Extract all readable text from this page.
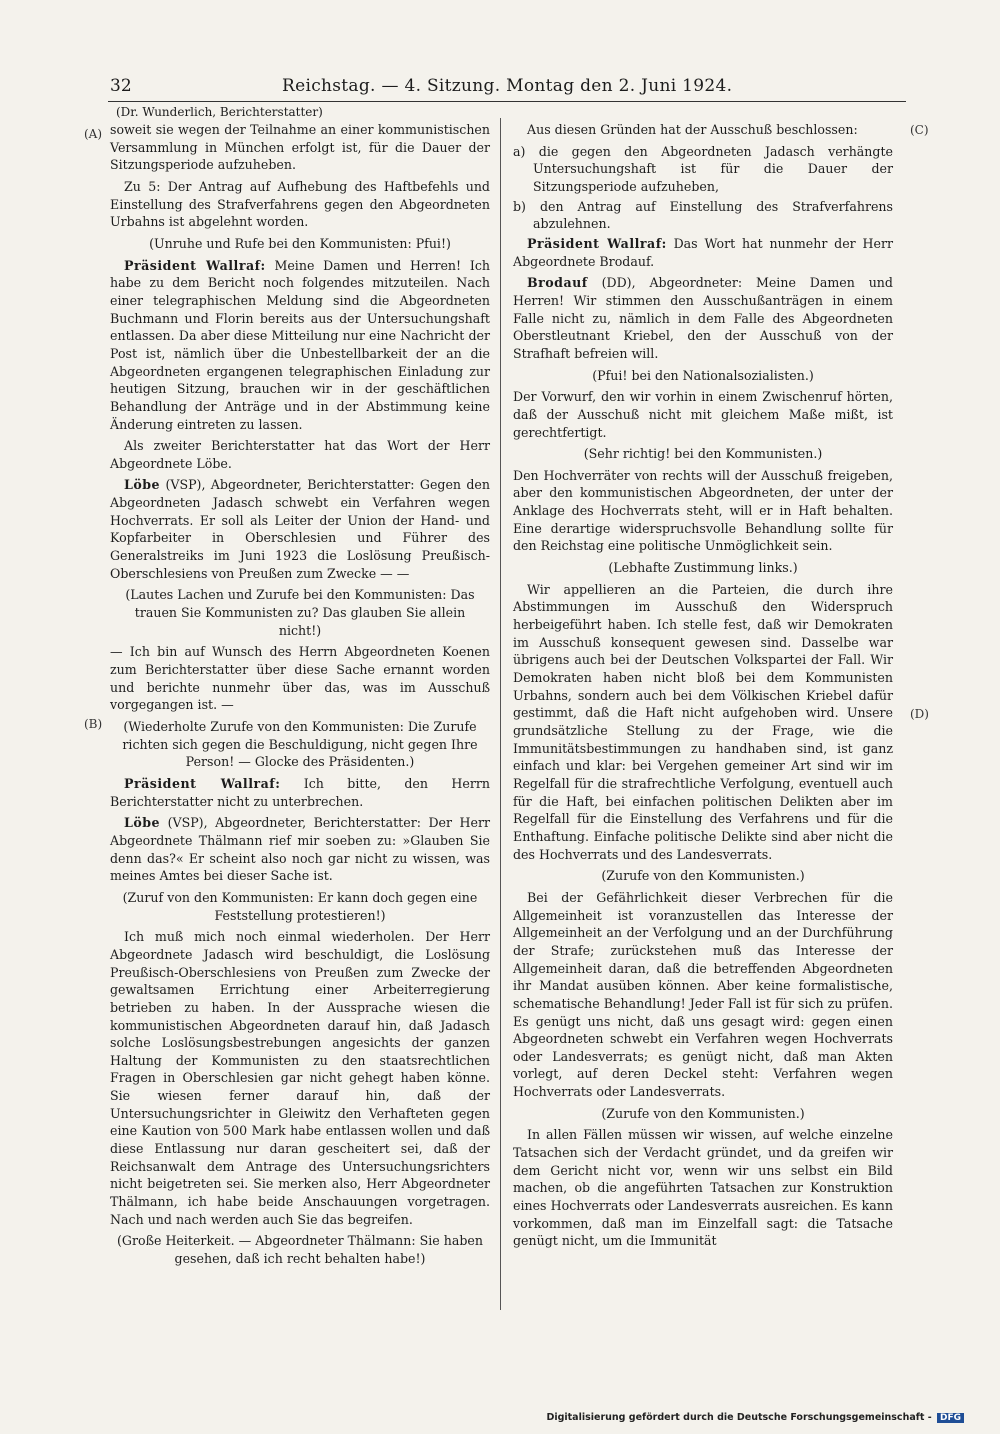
32	Reichstag. — 4. Sitzung. Montag den 2. Juni 1924.
(Dr. Wunderlich, Berichterstatter)
(A)
(B)
(C)
(D)
soweit sie wegen der Teilnahme an einer kommunistischen Versammlung in München erfolgt ist, für die Dauer der Sitzungsperiode aufzuheben.
Zu 5: Der Antrag auf Aufhebung des Haftbefehls und Einstellung des Strafverfahrens gegen den Abgeordneten Urbahns ist abgelehnt worden.
(Unruhe und Rufe bei den Kommunisten: Pfui!)
Präsident Wallraf: Meine Damen und Herren! Ich habe zu dem Bericht noch folgendes mitzuteilen. Nach einer telegraphischen Meldung sind die Abgeordneten Buchmann und Florin bereits aus der Untersuchungshaft entlassen. Da aber diese Mitteilung nur eine Nachricht der Post ist, nämlich über die Unbestellbarkeit der an die Abgeordneten ergangenen telegraphischen Einladung zur heutigen Sitzung, brauchen wir in der geschäftlichen Behandlung der Anträge und in der Abstimmung keine Änderung eintreten zu lassen.
Als zweiter Berichterstatter hat das Wort der Herr Abgeordnete Löbe.
Löbe (VSP), Abgeordneter, Berichterstatter: Gegen den Abgeordneten Jadasch schwebt ein Verfahren wegen Hochverrats. Er soll als Leiter der Union der Hand- und Kopfarbeiter in Oberschlesien und Führer des Generalstreiks im Juni 1923 die Loslösung Preußisch-Oberschlesiens von Preußen zum Zwecke — —
(Lautes Lachen und Zurufe bei den Kommunisten: Das trauen Sie Kommunisten zu? Das glauben Sie allein nicht!)
— Ich bin auf Wunsch des Herrn Abgeordneten Koenen zum Berichterstatter über diese Sache ernannt worden und berichte nunmehr über das, was im Ausschuß vorgegangen ist. —
(Wiederholte Zurufe von den Kommunisten: Die Zurufe richten sich gegen die Beschuldigung, nicht gegen Ihre Person! — Glocke des Präsidenten.)
Präsident Wallraf: Ich bitte, den Herrn Berichterstatter nicht zu unterbrechen.
Löbe (VSP), Abgeordneter, Berichterstatter: Der Herr Abgeordnete Thälmann rief mir soeben zu: »Glauben Sie denn das?« Er scheint also noch gar nicht zu wissen, was meines Amtes bei dieser Sache ist.
(Zuruf von den Kommunisten: Er kann doch gegen eine Feststellung protestieren!)
Ich muß mich noch einmal wiederholen. Der Herr Abgeordnete Jadasch wird beschuldigt, die Loslösung Preußisch-Oberschlesiens von Preußen zum Zwecke der gewaltsamen Errichtung einer Arbeiterregierung betrieben zu haben. In der Aussprache wiesen die kommunistischen Abgeordneten darauf hin, daß Jadasch solche Loslösungsbestrebungen angesichts der ganzen Haltung der Kommunisten zu den staatsrechtlichen Fragen in Oberschlesien gar nicht gehegt haben könne. Sie wiesen ferner darauf hin, daß der Untersuchungsrichter in Gleiwitz den Verhafteten gegen eine Kaution von 500 Mark habe entlassen wollen und daß diese Entlassung nur daran gescheitert sei, daß der Reichsanwalt dem Antrage des Untersuchungsrichters nicht beigetreten sei. Sie merken also, Herr Abgeordneter Thälmann, ich habe beide Anschauungen vorgetragen. Nach und nach werden auch Sie das begreifen.
(Große Heiterkeit. — Abgeordneter Thälmann: Sie haben gesehen, daß ich recht behalten habe!)
Aus diesen Gründen hat der Ausschuß beschlossen:
a) die gegen den Abgeordneten Jadasch verhängte Untersuchungshaft ist für die Dauer der Sitzungsperiode aufzuheben,
b) den Antrag auf Einstellung des Strafverfahrens abzulehnen.
Präsident Wallraf: Das Wort hat nunmehr der Herr Abgeordnete Brodauf.
Brodauf (DD), Abgeordneter: Meine Damen und Herren! Wir stimmen den Ausschußanträgen in einem Falle nicht zu, nämlich in dem Falle des Abgeordneten Oberstleutnant Kriebel, den der Ausschuß von der Strafhaft befreien will.
(Pfui! bei den Nationalsozialisten.)
Der Vorwurf, den wir vorhin in einem Zwischenruf hörten, daß der Ausschuß nicht mit gleichem Maße mißt, ist gerechtfertigt.
(Sehr richtig! bei den Kommunisten.)
Den Hochverräter von rechts will der Ausschuß freigeben, aber den kommunistischen Abgeordneten, der unter der Anklage des Hochverrats steht, will er in Haft behalten. Eine derartige widerspruchsvolle Behandlung sollte für den Reichstag eine politische Unmöglichkeit sein.
(Lebhafte Zustimmung links.)
Wir appellieren an die Parteien, die durch ihre Abstimmungen im Ausschuß den Widerspruch herbeigeführt haben. Ich stelle fest, daß wir Demokraten im Ausschuß konsequent gewesen sind. Dasselbe war übrigens auch bei der Deutschen Volkspartei der Fall. Wir Demokraten haben nicht bloß bei dem Kommunisten Urbahns, sondern auch bei dem Völkischen Kriebel dafür gestimmt, daß die Haft nicht aufgehoben wird. Unsere grundsätzliche Stellung zu der Frage, wie die Immunitätsbestimmungen zu handhaben sind, ist ganz einfach und klar: bei Vergehen gemeiner Art sind wir im Regelfall für die strafrechtliche Verfolgung, eventuell auch für die Haft, bei einfachen politischen Delikten aber im Regelfall für die Einstellung des Verfahrens und für die Enthaftung. Einfache politische Delikte sind aber nicht die des Hochverrats und des Landesverrats.
(Zurufe von den Kommunisten.)
Bei der Gefährlichkeit dieser Verbrechen für die Allgemeinheit ist voranzustellen das Interesse der Allgemeinheit an der Verfolgung und an der Durchführung der Strafe; zurückstehen muß das Interesse der Allgemeinheit daran, daß die betreffenden Abgeordneten ihr Mandat ausüben können. Aber keine formalistische, schematische Behandlung! Jeder Fall ist für sich zu prüfen. Es genügt uns nicht, daß uns gesagt wird: gegen einen Abgeordneten schwebt ein Verfahren wegen Hochverrats oder Landesverrats; es genügt nicht, daß man Akten vorlegt, auf deren Deckel steht: Verfahren wegen Hochverrats oder Landesverrats.
(Zurufe von den Kommunisten.)
In allen Fällen müssen wir wissen, auf welche einzelne Tatsachen sich der Verdacht gründet, und da greifen wir dem Gericht nicht vor, wenn wir uns selbst ein Bild machen, ob die angeführten Tatsachen zur Konstruktion eines Hochverrats oder Landesverrats ausreichen. Es kann vorkommen, daß man im Einzelfall sagt: die Tatsache genügt nicht, um die Immunität
Digitalisierung gefördert durch die Deutsche Forschungsgemeinschaft - DFG
